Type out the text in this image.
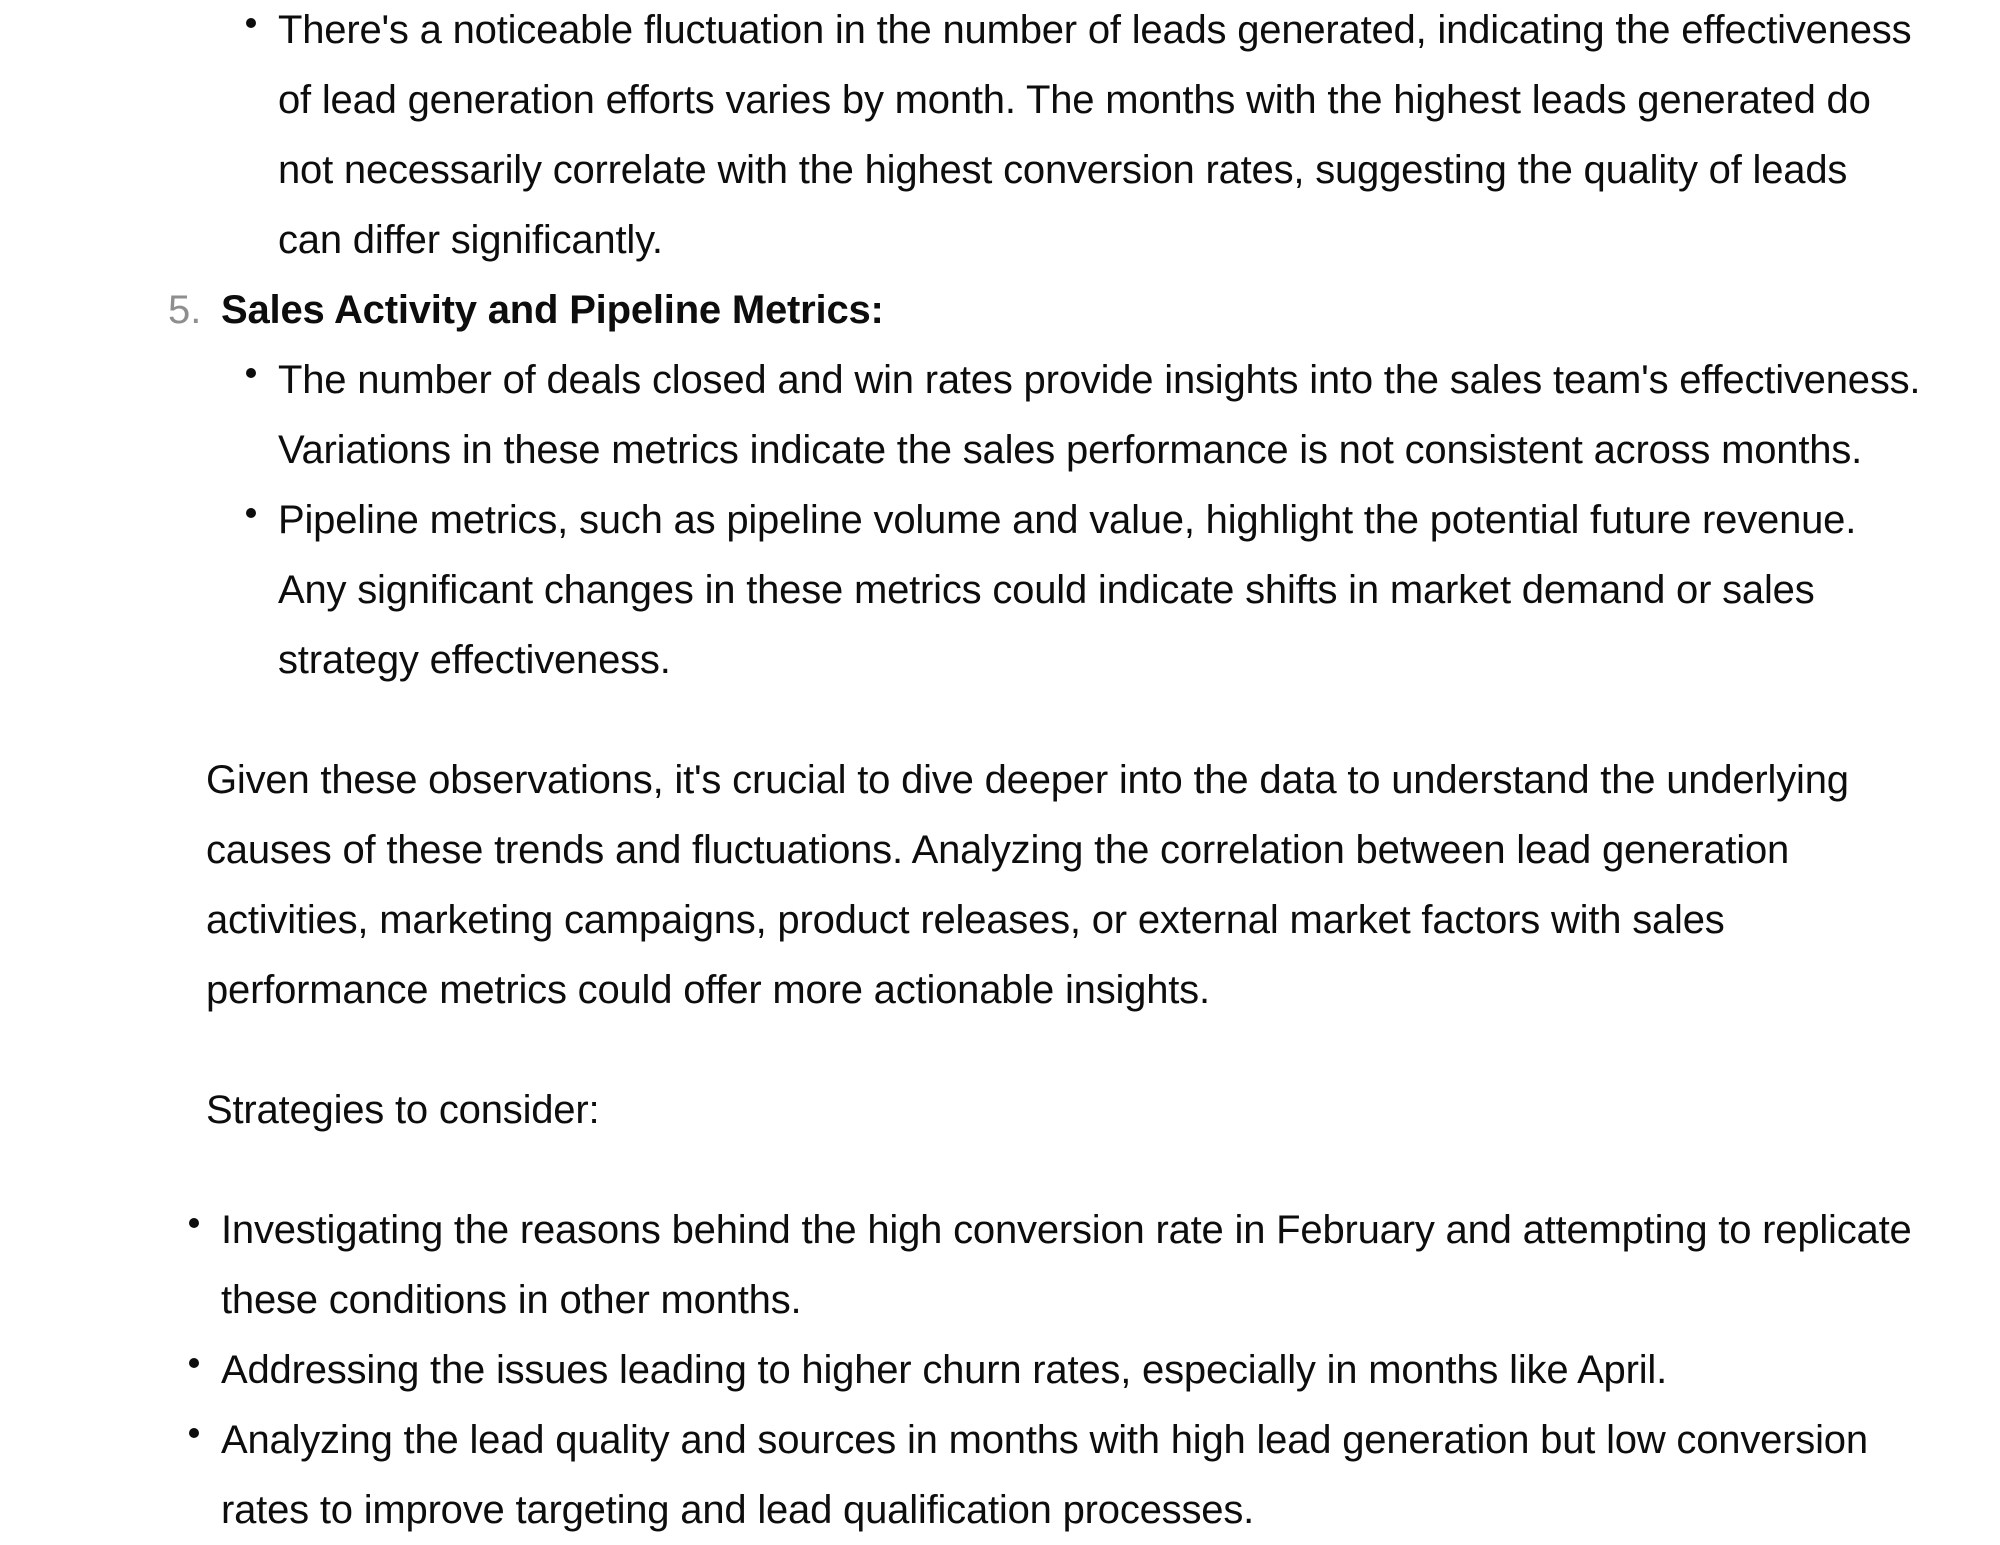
There's a noticeable fluctuation in the number of leads generated, indicating the effectiveness
of lead generation efforts varies by month. The months with the highest leads generated do
not necessarily correlate with the highest conversion rates, suggesting the quality of leads
can differ significantly.
5. Sales Activity and Pipeline Metrics:
The number of deals closed and win rates provide insights into the sales team's effectiveness.
Variations in these metrics indicate the sales performance is not consistent across months.
Pipeline metrics, such as pipeline volume and value, highlight the potential future revenue.
Any significant changes in these metrics could indicate shifts in market demand or sales
strategy effectiveness.
Given these observations, it's crucial to dive deeper into the data to understand the underlying
causes of these trends and fluctuations. Analyzing the correlation between lead generation
activities, marketing campaigns, product releases, or external market factors with sales
performance metrics could offer more actionable insights.
Strategies to consider:
Investigating the reasons behind the high conversion rate in February and attempting to replicate
these conditions in other months.
Addressing the issues leading to higher churn rates, especially in months like April.
Analyzing the lead quality and sources in months with high lead generation but low conversion
rates to improve targeting and lead qualification processes.
